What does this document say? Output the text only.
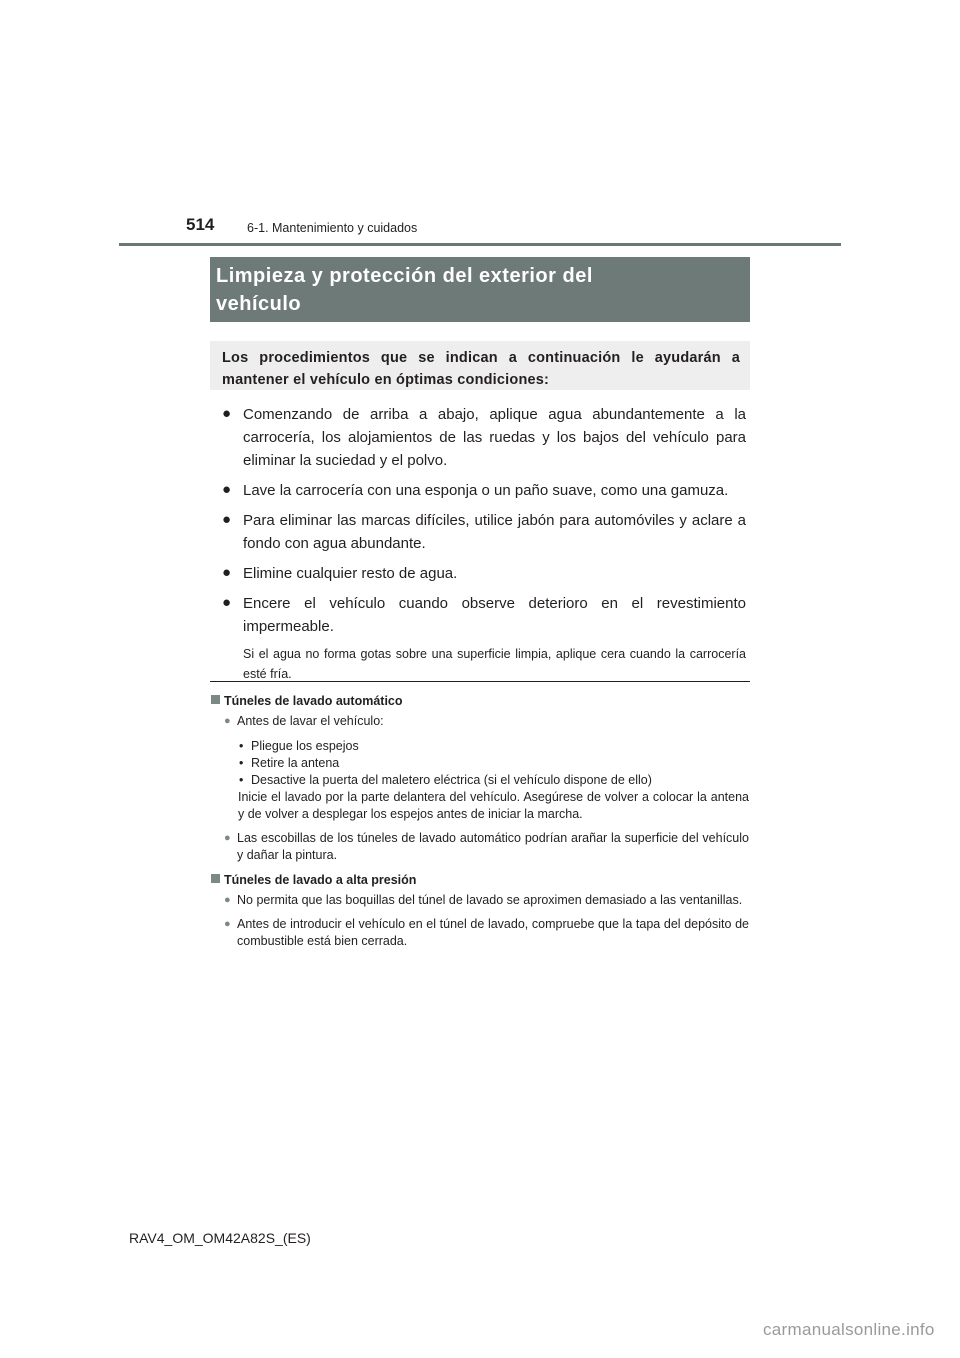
514	6-1. Mantenimiento y cuidados
Limpieza y protección del exterior del
vehículo
Los procedimientos que se indican a continuación le ayudarán a mantener el vehículo en óptimas condiciones:
● Comenzando de arriba a abajo, aplique agua abundantemente a la carrocería, los alojamientos de las ruedas y los bajos del vehículo para eliminar la suciedad y el polvo.
● Lave la carrocería con una esponja o un paño suave, como una gamuza.
● Para eliminar las marcas difíciles, utilice jabón para automóviles y aclare a fondo con agua abundante.
● Elimine cualquier resto de agua.
● Encere el vehículo cuando observe deterioro en el revestimiento impermeable.
Si el agua no forma gotas sobre una superficie limpia, aplique cera cuando la carrocería esté fría.
Túneles de lavado automático
● Antes de lavar el vehículo:
• Pliegue los espejos
• Retire la antena
• Desactive la puerta del maletero eléctrica (si el vehículo dispone de ello)
Inicie el lavado por la parte delantera del vehículo. Asegúrese de volver a colocar la antena y de volver a desplegar los espejos antes de iniciar la marcha.
● Las escobillas de los túneles de lavado automático podrían arañar la superficie del vehículo y dañar la pintura.
Túneles de lavado a alta presión
● No permita que las boquillas del túnel de lavado se aproximen demasiado a las ventanillas.
● Antes de introducir el vehículo en el túnel de lavado, compruebe que la tapa del depósito de combustible está bien cerrada.
RAV4_OM_OM42A82S_(ES)
carmanualsonline.info
